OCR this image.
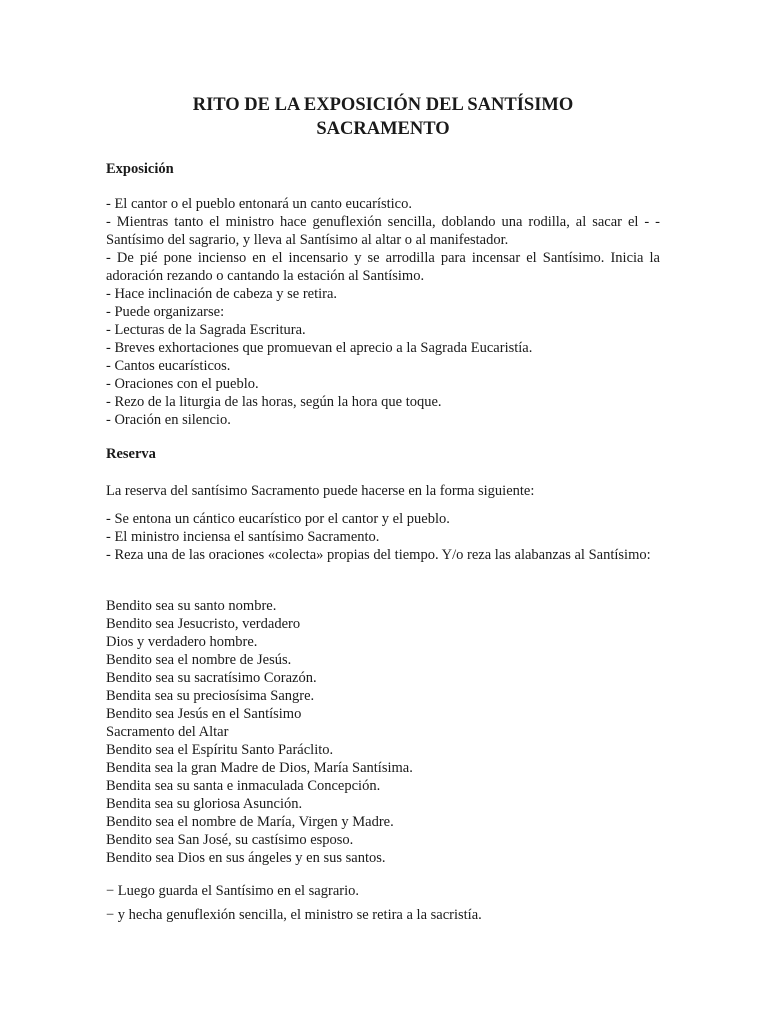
RITO DE LA EXPOSICIÓN DEL SANTÍSIMO
SACRAMENTO
Exposición
- El cantor o el pueblo entonará un canto eucarístico.
- Mientras tanto el ministro hace genuflexión sencilla, doblando una rodilla, al sacar el - - Santísimo del sagrario, y lleva al Santísimo al altar o al manifestador.
- De pié pone incienso en el incensario y se arrodilla para incensar el Santísimo. Inicia la adoración rezando o cantando la estación al Santísimo.
- Hace inclinación de cabeza y se retira.
- Puede organizarse:
- Lecturas de la Sagrada Escritura.
- Breves exhortaciones que promuevan el aprecio a la Sagrada Eucaristía.
- Cantos eucarísticos.
- Oraciones con el pueblo.
- Rezo de la liturgia de las horas, según la hora que toque.
- Oración en silencio.
Reserva

La reserva del santísimo Sacramento puede hacerse en la forma siguiente:

- Se entona un cántico eucarístico por el cantor y el pueblo.
- El ministro inciensa el santísimo Sacramento.
- Reza una de las oraciones «colecta» propias del tiempo. Y/o reza las alabanzas al Santísimo:
Bendito sea su santo nombre.
Bendito sea Jesucristo, verdadero
Dios y verdadero hombre.
Bendito sea el nombre de Jesús.
Bendito sea su sacratísimo Corazón.
Bendita sea su preciosísima Sangre.
Bendito sea Jesús en el Santísimo
Sacramento del Altar
Bendito sea el Espíritu Santo Paráclito.
Bendita sea la gran Madre de Dios, María Santísima.
Bendita sea su santa e inmaculada Concepción.
Bendita sea su gloriosa Asunción.
Bendito sea el nombre de María, Virgen y Madre.
Bendito sea San José, su castísimo esposo.
Bendito sea Dios en sus ángeles y en sus santos.
− Luego guarda el Santísimo en el sagrario.
− y hecha genuflexión sencilla, el ministro se retira a la sacristía.
